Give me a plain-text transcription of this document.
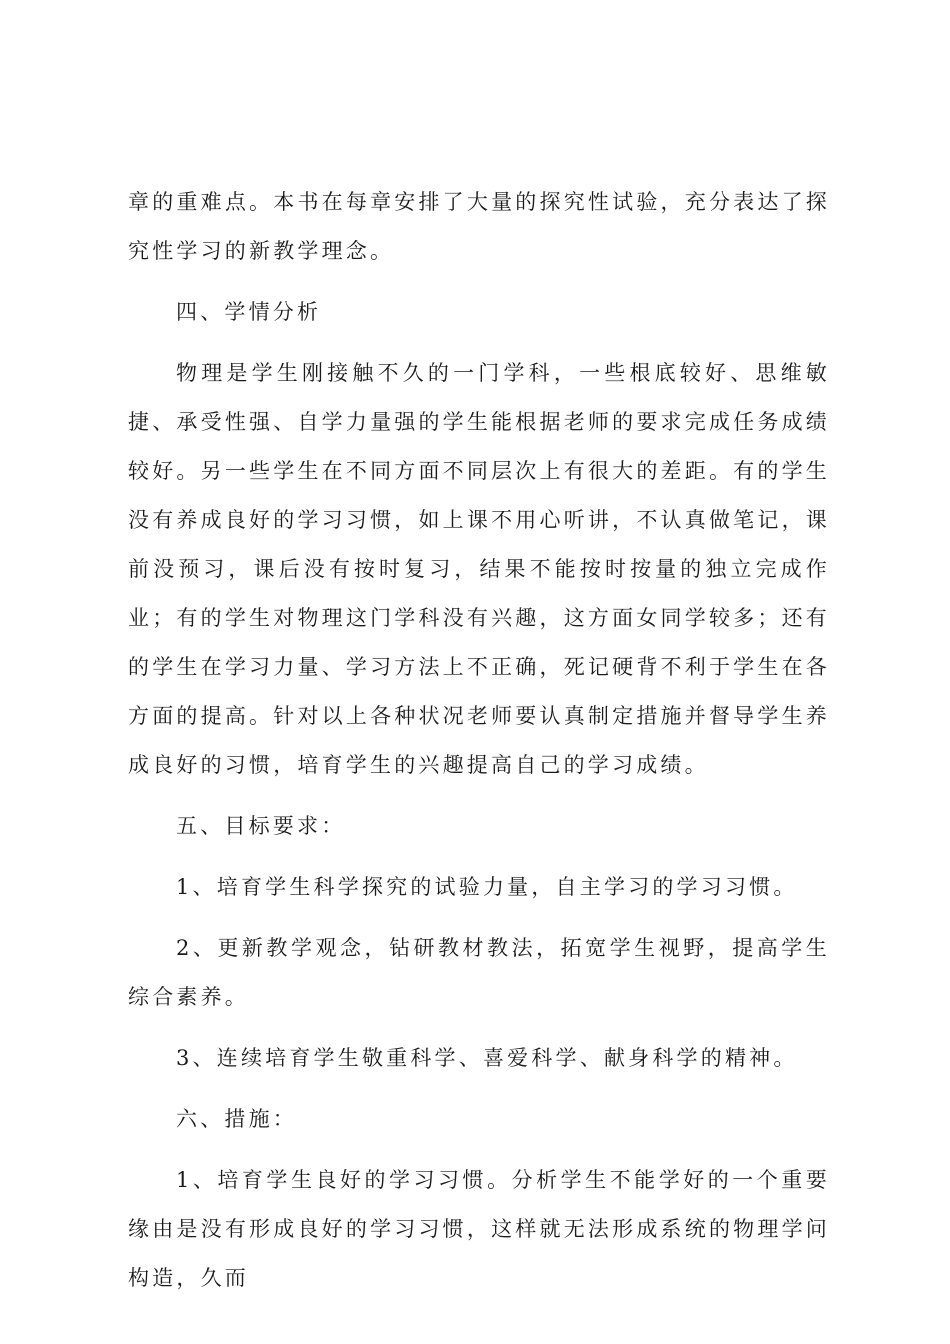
章的重难点。本书在每章安排了大量的探究性试验，充分表达了探究性学习的新教学理念。

四、学情分析

物理是学生刚接触不久的一门学科，一些根底较好、思维敏捷、承受性强、自学力量强的学生能根据老师的要求完成任务成绩较好。另一些学生在不同方面不同层次上有很大的差距。有的学生没有养成良好的学习习惯，如上课不用心听讲，不认真做笔记，课前没预习，课后没有按时复习，结果不能按时按量的独立完成作业；有的学生对物理这门学科没有兴趣，这方面女同学较多；还有的学生在学习力量、学习方法上不正确，死记硬背不利于学生在各方面的提高。针对以上各种状况老师要认真制定措施并督导学生养成良好的习惯，培育学生的兴趣提高自己的学习成绩。

五、目标要求：

1、培育学生科学探究的试验力量，自主学习的学习习惯。

2、更新教学观念，钻研教材教法，拓宽学生视野，提高学生综合素养。

3、连续培育学生敬重科学、喜爱科学、献身科学的精神。

六、措施：

1、培育学生良好的学习习惯。分析学生不能学好的一个重要缘由是没有形成良好的学习习惯，这样就无法形成系统的物理学问构造，久而
